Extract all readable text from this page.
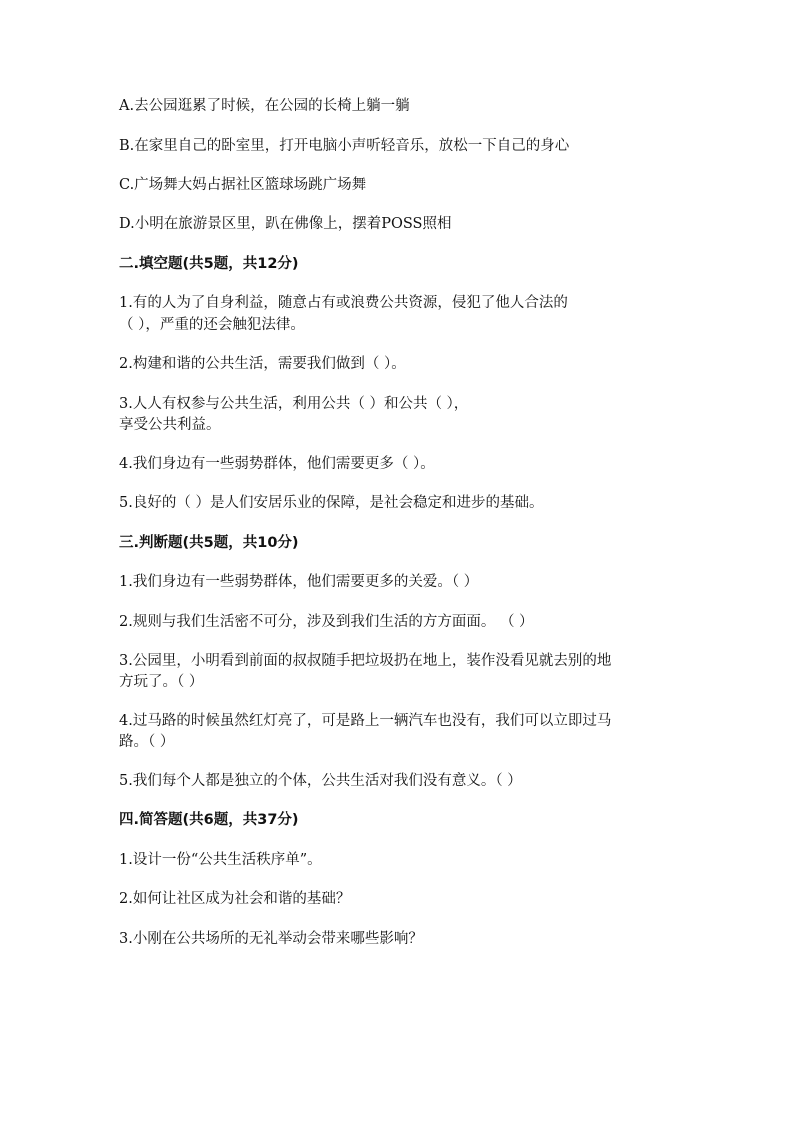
A.去公园逛累了时候，在公园的长椅上躺一躺
B.在家里自己的卧室里，打开电脑小声听轻音乐，放松一下自己的身心
C.广场舞大妈占据社区篮球场跳广场舞
D.小明在旅游景区里，趴在佛像上，摆着POSS照相
二.填空题(共5题，共12分)
1.有的人为了自身利益，随意占有或浪费公共资源，侵犯了他人合法的
（ ），严重的还会触犯法律。
2.构建和谐的公共生活，需要我们做到（ ）。
3.人人有权参与公共生活，利用公共（ ）和公共（ ），
享受公共利益。
4.我们身边有一些弱势群体，他们需要更多（ ）。
5.良好的（ ）是人们安居乐业的保障，是社会稳定和进步的基础。
三.判断题(共5题，共10分)
1.我们身边有一些弱势群体，他们需要更多的关爱。（ ）
2.规则与我们生活密不可分，涉及到我们生活的方方面面。 （ ）
3.公园里，小明看到前面的叔叔随手把垃圾扔在地上，装作没看见就去别的地
方玩了。（ ）
4.过马路的时候虽然红灯亮了，可是路上一辆汽车也没有，我们可以立即过马
路。（ ）
5.我们每个人都是独立的个体，公共生活对我们没有意义。（ ）
四.简答题(共6题，共37分)
1.设计一份“公共生活秩序单”。
2.如何让社区成为社会和谐的基础？
3.小刚在公共场所的无礼举动会带来哪些影响？
